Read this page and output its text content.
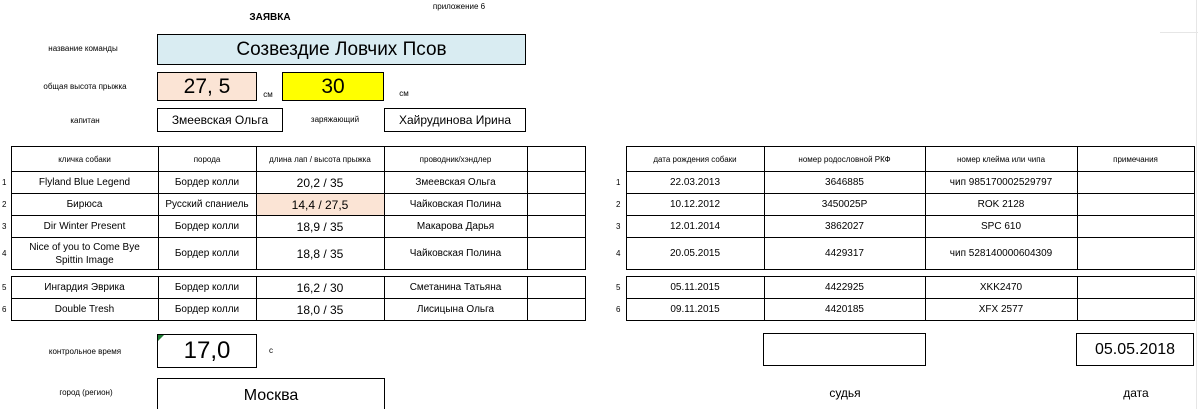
ЗАЯВКА
приложение 6
название команды	Созвездие Ловчих Псов
общая высота прыжка	27, 5	см	30	см
капитан	Змеевская Ольга	заряжающий	Хайрудинова Ирина
	кличка собаки	порода	длина лап / высота прыжка	проводник/хэндлер	
1	Flyland Blue Legend	Бордер колли	20,2 / 35	Змеевская Ольга	
2	Бирюса	Русский спаниель	14,4 / 27,5	Чайковская Полина	
3	Dir Winter Present	Бордер колли	18,9 / 35	Макарова Дарья	
4	Nice of you to Come Bye
Spittin Image	Бордер колли	18,8 / 35	Чайковская Полина	

5	Ингардия Эврика	Бордер колли	16,2 / 30	Сметанина Татьяна	
6	Double Tresh	Бордер колли	18,0 / 35	Лисицына Ольга	
	дата рождения собаки	номер родословной РКФ	номер клейма или чипа	примечания
1	22.03.2013	3646885	чип 985170002529797	
2	10.12.2012	3450025P	ROK 2128	
3	12.01.2014	3862027	SPC 610	
4	20.05.2015	4429317	чип 528140000604309	

5	05.11.2015	4422925	XKK2470	
6	09.11.2015	4420185	XFX 2577	
контрольное время	17,0	с	05.05.2018
город (регион)	Москва	судья	дата
